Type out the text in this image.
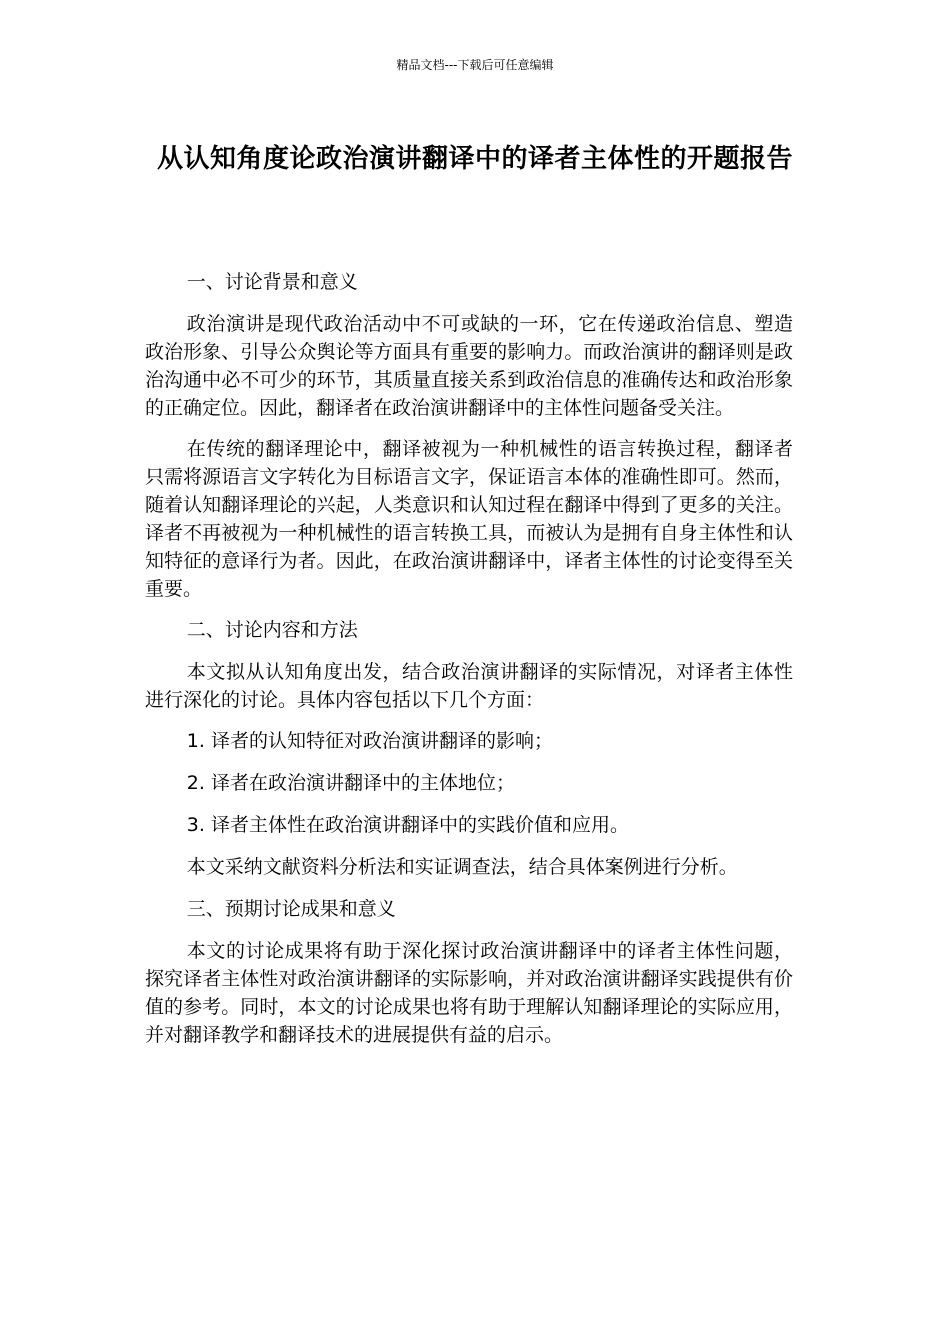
精品文档---下载后可任意编辑
从认知角度论政治演讲翻译中的译者主体性的开题报告

一、讨论背景和意义

政治演讲是现代政治活动中不可或缺的一环，它在传递政治信息、塑造政治形象、引导公众舆论等方面具有重要的影响力。而政治演讲的翻译则是政治沟通中必不可少的环节，其质量直接关系到政治信息的准确传达和政治形象的正确定位。因此，翻译者在政治演讲翻译中的主体性问题备受关注。

在传统的翻译理论中，翻译被视为一种机械性的语言转换过程，翻译者只需将源语言文字转化为目标语言文字，保证语言本体的准确性即可。然而，随着认知翻译理论的兴起，人类意识和认知过程在翻译中得到了更多的关注。译者不再被视为一种机械性的语言转换工具，而被认为是拥有自身主体性和认知特征的意译行为者。因此，在政治演讲翻译中，译者主体性的讨论变得至关重要。

二、讨论内容和方法

本文拟从认知角度出发，结合政治演讲翻译的实际情况，对译者主体性进行深化的讨论。具体内容包括以下几个方面：

1. 译者的认知特征对政治演讲翻译的影响；

2. 译者在政治演讲翻译中的主体地位；

3. 译者主体性在政治演讲翻译中的实践价值和应用。

本文采纳文献资料分析法和实证调查法，结合具体案例进行分析。

三、预期讨论成果和意义

本文的讨论成果将有助于深化探讨政治演讲翻译中的译者主体性问题，探究译者主体性对政治演讲翻译的实际影响，并对政治演讲翻译实践提供有价值的参考。同时，本文的讨论成果也将有助于理解认知翻译理论的实际应用，并对翻译教学和翻译技术的进展提供有益的启示。
